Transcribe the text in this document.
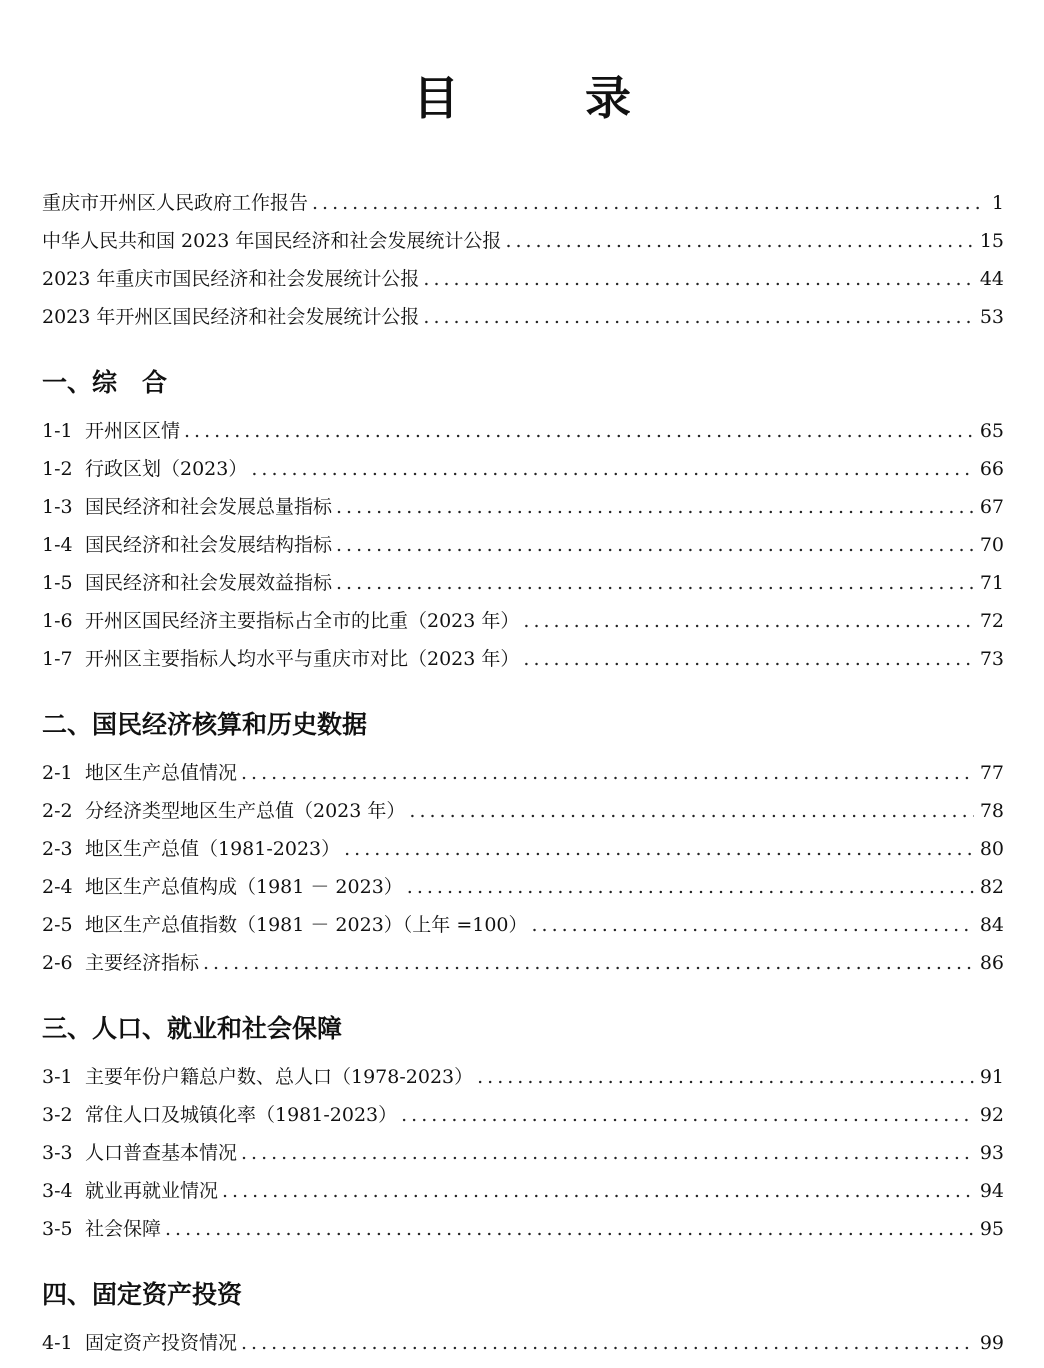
目　录
重庆市开州区人民政府工作报告 .....	1
中华人民共和国 2023 年国民经济和社会发展统计公报 .....	15
2023 年重庆市国民经济和社会发展统计公报 .....	44
2023 年开州区国民经济和社会发展统计公报 .....	53
一、综　合
1-1 开州区区情 .....	65
1-2 行政区划（2023） .....	66
1-3 国民经济和社会发展总量指标 .....	67
1-4 国民经济和社会发展结构指标 .....	70
1-5 国民经济和社会发展效益指标 .....	71
1-6 开州区国民经济主要指标占全市的比重（2023 年） .....	72
1-7 开州区主要指标人均水平与重庆市对比（2023 年） .....	73
二、国民经济核算和历史数据
2-1 地区生产总值情况 .....	77
2-2 分经济类型地区生产总值（2023 年） .....	78
2-3 地区生产总值（1981-2023） .....	80
2-4 地区生产总值构成（1981 － 2023） .....	82
2-5 地区生产总值指数（1981 － 2023）（上年 =100） .....	84
2-6 主要经济指标 .....	86
三、人口、就业和社会保障
3-1 主要年份户籍总户数、总人口（1978-2023） .....	91
3-2 常住人口及城镇化率（1981-2023） .....	92
3-3 人口普查基本情况 .....	93
3-4 就业再就业情况 .....	94
3-5 社会保障 .....	95
四、固定资产投资
4-1 固定资产投资情况 .....	99
